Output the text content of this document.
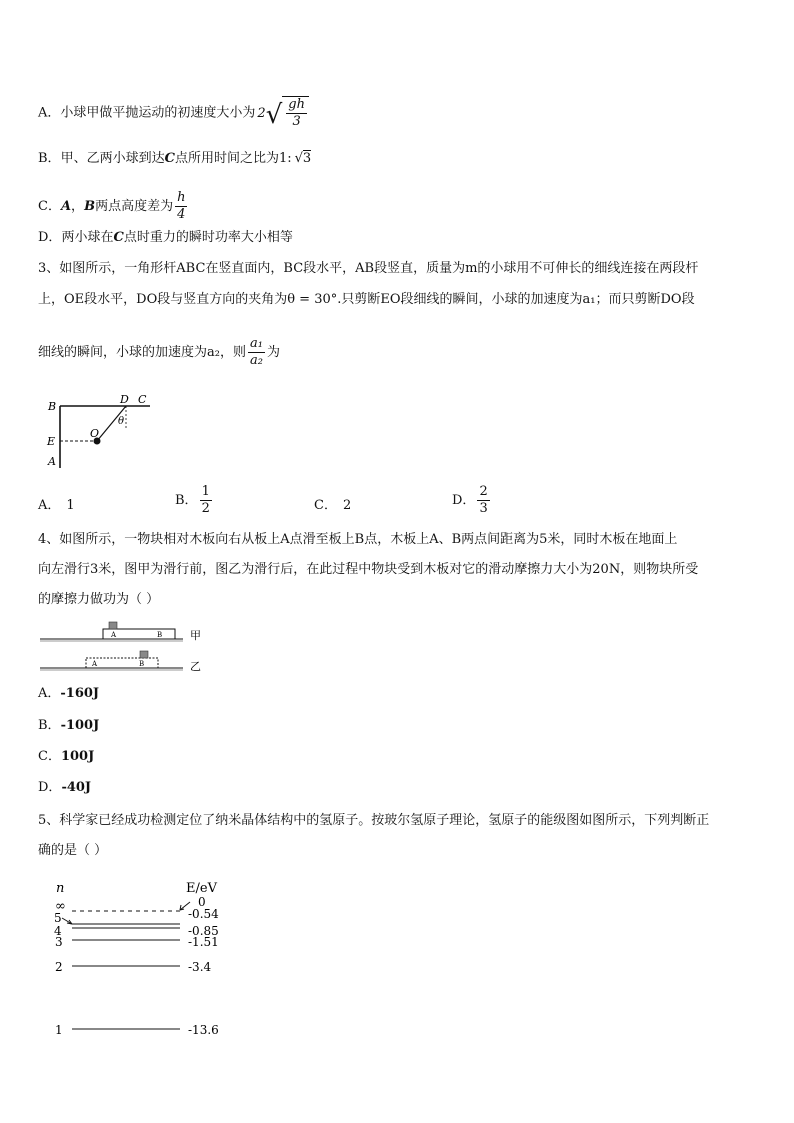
A．小球甲做平抛运动的初速度大小为 2 √ $\frac{gh}{3}$
B．甲、乙两小球到达C点所用时间之比为1: √3
C．A，B两点高度差为 $\frac{h}{4}$
D．两小球在C点时重力的瞬时功率大小相等
3、如图所示，一角形杆ABC在竖直面内，BC段水平，AB段竖直，质量为m的小球用不可伸长的细线连接在两段杆
上，OE段水平，DO段与竖直方向的夹角为θ = 30°.只剪断EO段细线的瞬间，小球的加速度为a₁；而只剪断DO段
细线的瞬间，小球的加速度为a₂，则 $\frac{\text{a₁}}{\text{a₂}}$ 为
B
D C
O
θ
E
A
A． 1	B． $\frac{1}{2}$	C． 2	D． $\frac{2}{3}$
4、如图所示，一物块相对木板向右从板上A点滑至板上B点，木板上A、B两点间距离为5米，同时木板在地面上
向左滑行3米，图甲为滑行前，图乙为滑行后，在此过程中物块受到木板对它的滑动摩擦力大小为20N，则物块所受
的摩擦力做功为（ ）
A	B	甲
A	B	乙
A．-160J
B．-100J
C．100J
D．-40J
5、科学家已经成功检测定位了纳米晶体结构中的氢原子。按玻尔氢原子理论，氢原子的能级图如图所示，下列判断正
确的是（ ）
n	E/eV
∞	0
5	-0.54
4	-0.85
3	-1.51
2	-3.4
1	-13.6
